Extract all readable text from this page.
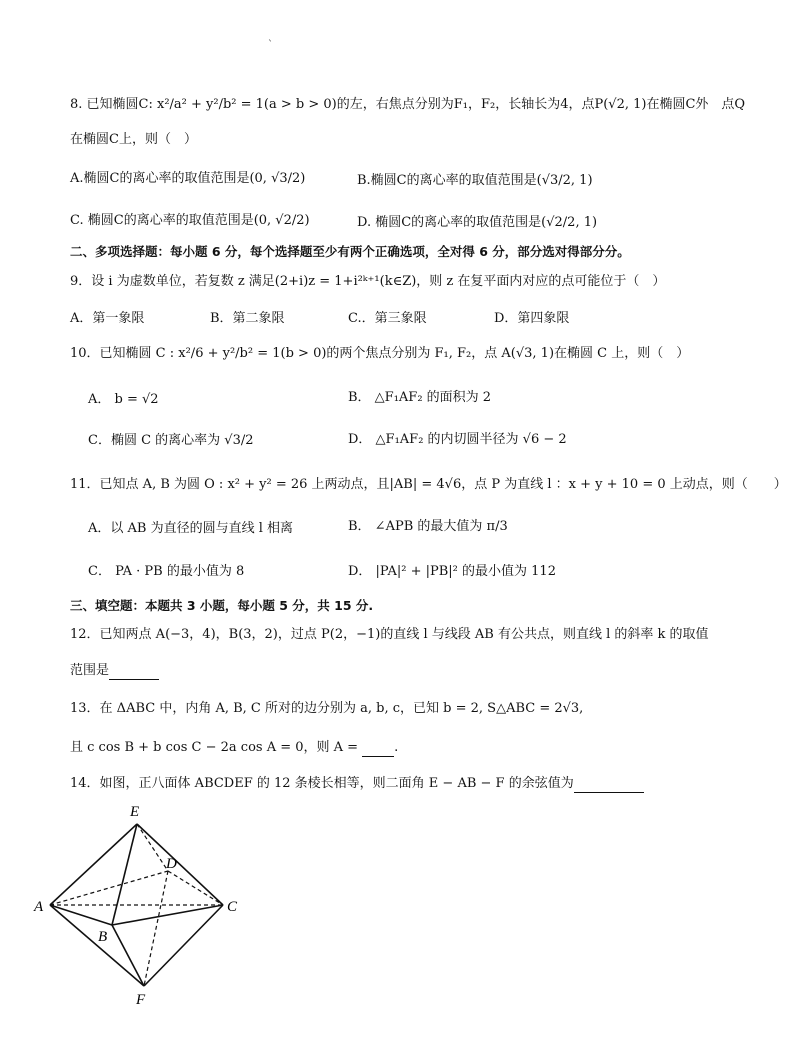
`
8. 已知椭圆C: x²/a² + y²/b² = 1(a > b > 0)的左，右焦点分别为F₁，F₂，长轴长为4，点P(√2, 1)在椭圆C外　点Q
在椭圆C上，则（　）
A.椭圆C的离心率的取值范围是(0, √3/2)	B.椭圆C的离心率的取值范围是(√3/2, 1)
C. 椭圆C的离心率的取值范围是(0, √2/2)	D. 椭圆C的离心率的取值范围是(√2/2, 1)
二、多项选择题：每小题 6 分，每个选择题至少有两个正确选项，全对得 6 分，部分选对得部分分。
9．设 i 为虚数单位，若复数 z 满足(2+i)z = 1+i²ᵏ⁺¹(k∈Z)，则 z 在复平面内对应的点可能位于（　）
A．第一象限	B．第二象限	C.．第三象限	D．第四象限
10．已知椭圆 C : x²/6 + y²/b² = 1(b > 0)的两个焦点分别为 F₁, F₂，点 A(√3, 1)在椭圆 C 上，则（　）
A． b = √2	B． △F₁AF₂ 的面积为 2
C．椭圆 C 的离心率为 √3/2	D． △F₁AF₂ 的内切圆半径为 √6 − 2
11．已知点 A, B 为圆 O : x² + y² = 26 上两动点，且|AB| = 4√6，点 P 为直线 l ：x + y + 10 = 0 上动点，则（　　）
A．以 AB 为直径的圆与直线 l 相离	B． ∠APB 的最大值为 π/3
C． PA · PB 的最小值为 8	D． |PA|² + |PB|² 的最小值为 112
三、填空题：本题共 3 小题，每小题 5 分，共 15 分.
12．已知两点 A(−3，4)，B(3，2)，过点 P(2，−1)的直线 l 与线段 AB 有公共点，则直线 l 的斜率 k 的取值
范围是
13．在 ΔABC 中，内角 A, B, C 所对的边分别为 a, b, c，已知 b = 2, S△ABC = 2√3,
且 c cos B + b cos C − 2a cos A = 0，则 A =	.
14．如图，正八面体 ABCDEF 的 12 条棱长相等，则二面角 E − AB − F 的余弦值为
E
D
A	C
B
F
